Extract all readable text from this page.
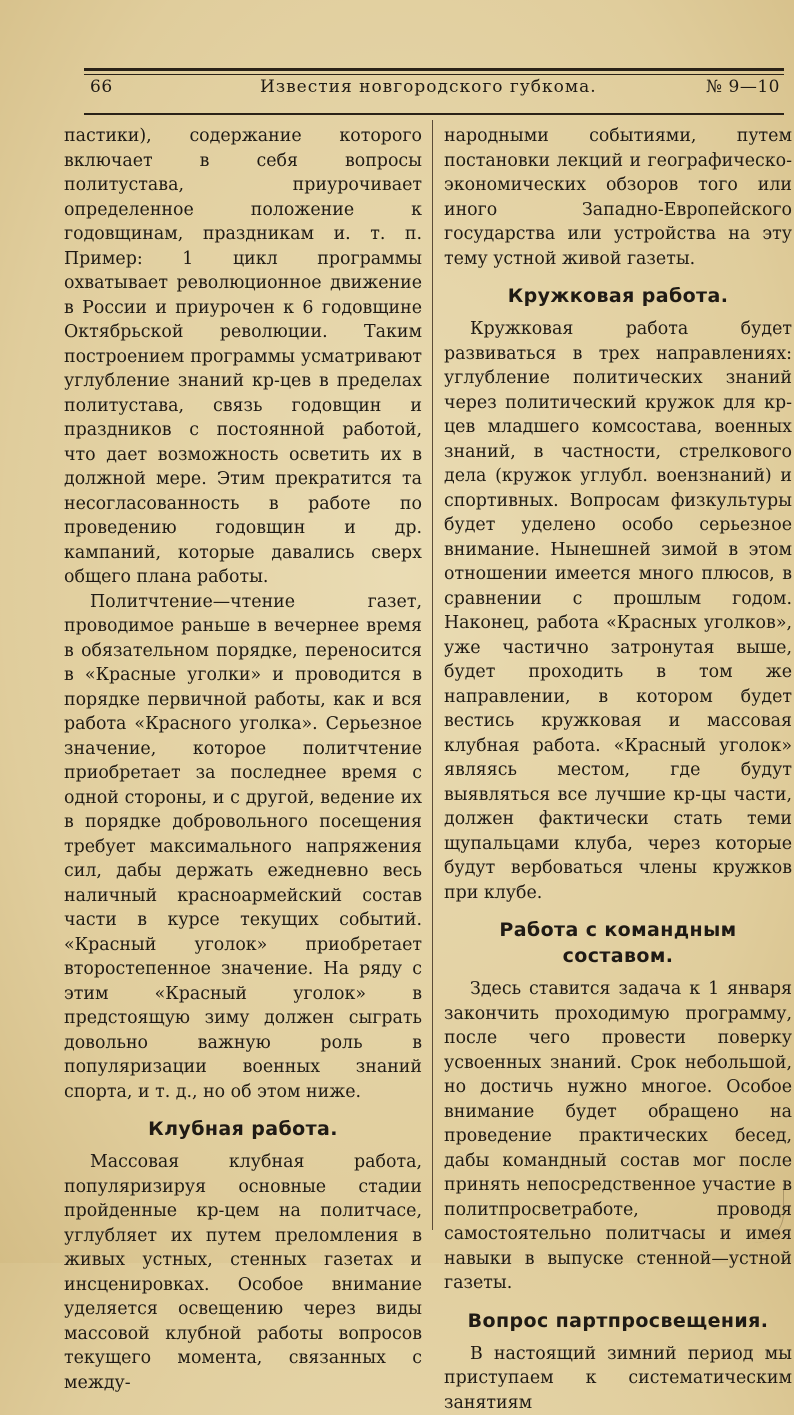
66	Известия новгородского губкома.	№ 9—10

пастики), содержание которого включает в себя вопросы политустава, приурочивает определенное положение к годовщинам, праздникам и. т. п. Пример: 1 цикл программы охватывает революционное движение в России и приурочен к 6 годовщине Октябрьской революции. Таким построением программы усматривают углубление знаний кр-цев в пределах политустава, связь годовщин и праздников с постоянной работой, что дает возможность осветить их в должной мере. Этим прекратится та несогласованность в работе по проведению годовщин и др. кампаний, которые давались сверх общего плана работы.

Политчтение—чтение газет, проводимое раньше в вечернее время в обязательном порядке, переносится в «Красные уголки» и проводится в порядке первичной работы, как и вся работа «Красного уголка». Серьезное значение, которое политчтение приобретает за последнее время с одной стороны, и с другой, ведение их в порядке добровольного посещения требует максимального напряжения сил, дабы держать ежедневно весь наличный красноармейский состав части в курсе текущих событий. «Красный уголок» приобретает второстепенное значение. На ряду с этим «Красный уголок» в предстоящую зиму должен сыграть довольно важную роль в популяризации военных знаний спорта, и т. д., но об этом ниже.

Клубная работа.

Массовая клубная работа, популяризируя основные стадии пройденные кр-цем на политчасе, углубляет их путем преломления в живых устных, стенных газетах и инсценировках. Особое внимание уделяется освещению через виды массовой клубной работы вопросов текущего момента, связанных с между-

народными событиями, путем постановки лекций и географическо-экономических обзоров того или иного Западно-Европейского государства или устройства на эту тему устной живой газеты.

Кружковая работа.

Кружковая работа будет развиваться в трех направлениях: углубление политических знаний через политический кружок для кр-цев младшего комсостава, военных знаний, в частности, стрелкового дела (кружок углубл. воензнаний) и спортивных. Вопросам физкультуры будет уделено особо серьезное внимание. Нынешней зимой в этом отношении имеется много плюсов, в сравнении с прошлым годом. Наконец, работа «Красных уголков», уже частично затронутая выше, будет проходить в том же направлении, в котором будет вестись кружковая и массовая клубная работа. «Красный уголок» являясь местом, где будут выявляться все лучшие кр-цы части, должен фактически стать теми щупальцами клуба, через которые будут вербоваться члены кружков при клубе.

Работа с командным составом.

Здесь ставится задача к 1 января закончить проходимую программу, после чего провести поверку усвоенных знаний. Срок небольшой, но достичь нужно многое. Особое внимание будет обращено на проведение практических бесед, дабы командный состав мог после принять непосредственное участие в политпросветработе, проводя самостоятельно политчасы и имея навыки в выпуске стенной—устной газеты.

Вопрос партпросвещения.

В настоящий зимний период мы приступаем к систематическим занятиям
